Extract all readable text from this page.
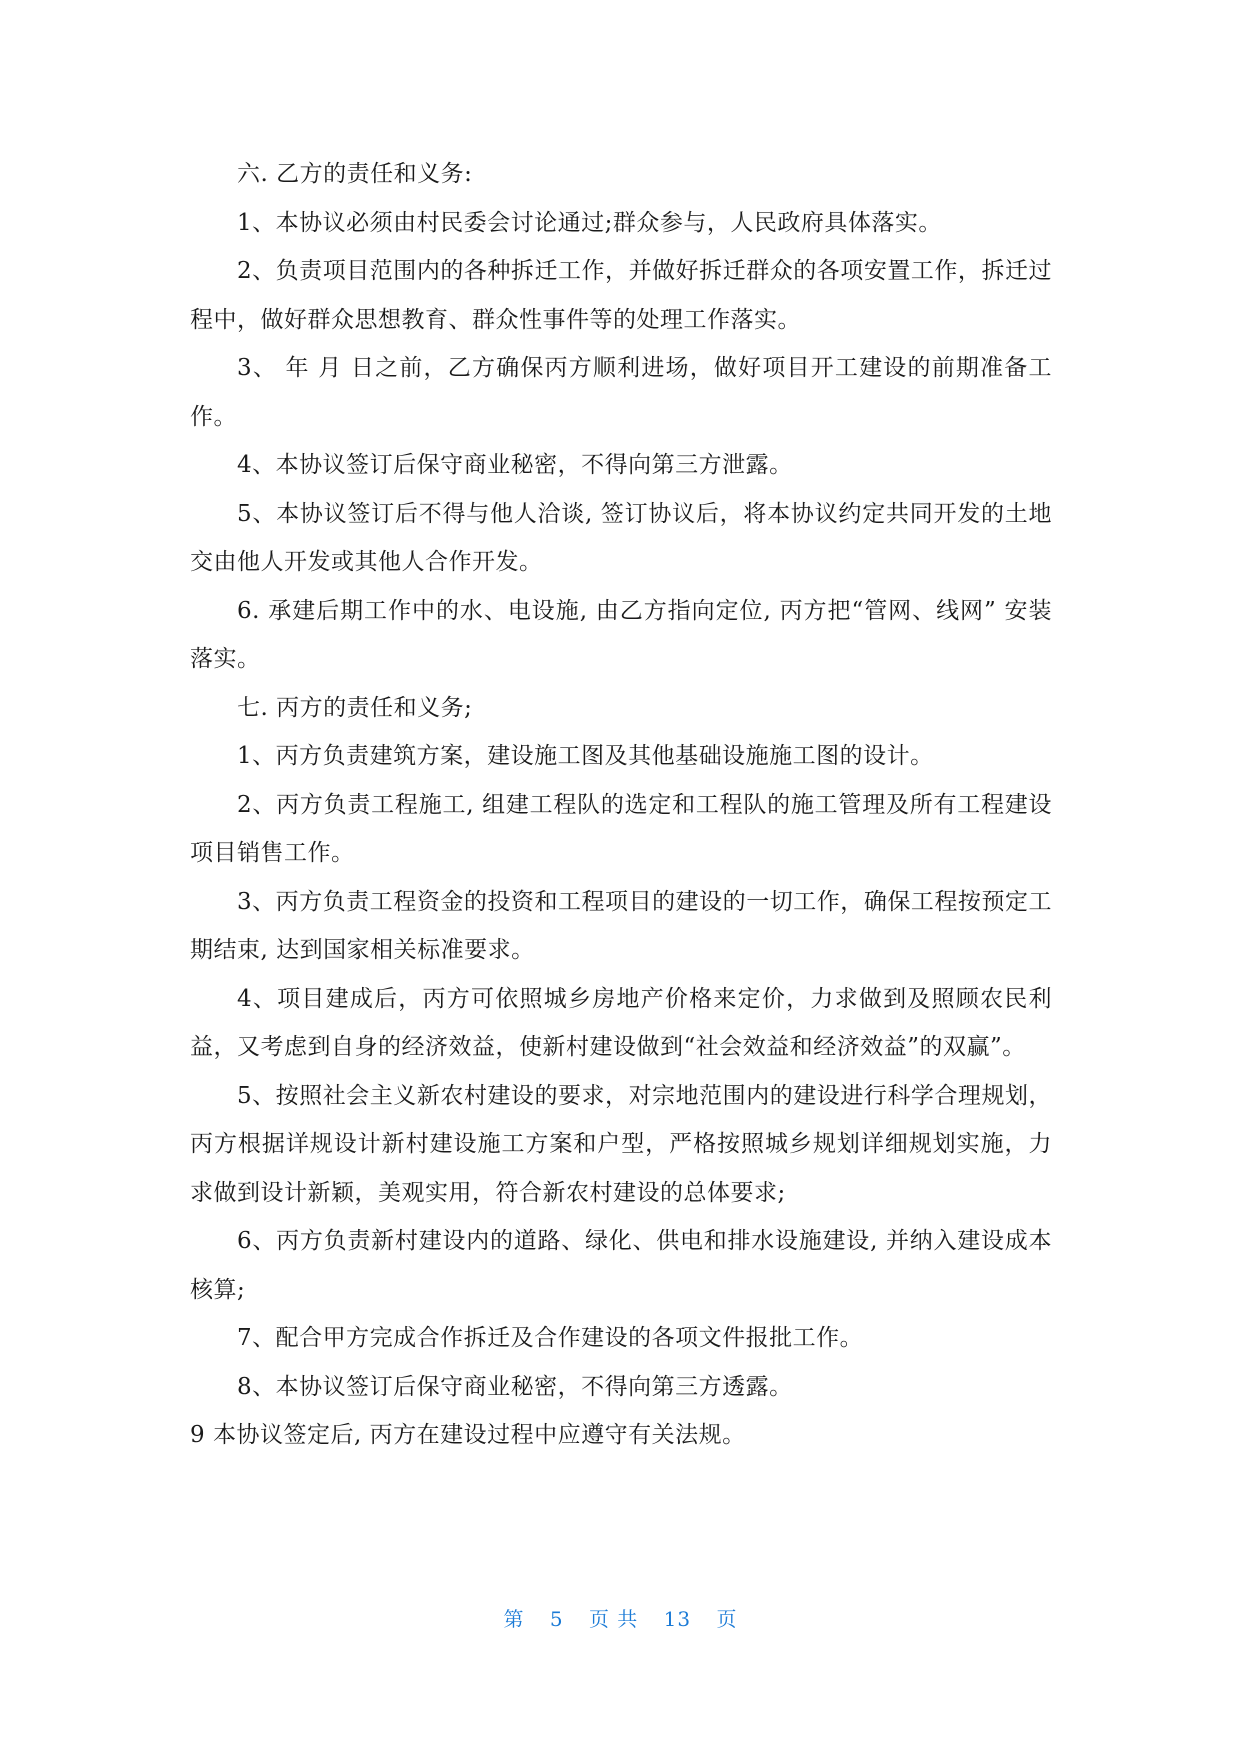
六. 乙方的责任和义务:

1、本协议必须由村民委会讨论通过;群众参与，人民政府具体落实。

2、负责项目范围内的各种拆迁工作，并做好拆迁群众的各项安置工作，拆迁过程中，做好群众思想教育、群众性事件等的处理工作落实。

3、 年 月 日之前，乙方确保丙方顺利进场，做好项目开工建设的前期准备工作。

4、本协议签订后保守商业秘密，不得向第三方泄露。

5、本协议签订后不得与他人洽谈, 签订协议后，将本协议约定共同开发的土地交由他人开发或其他人合作开发。

6. 承建后期工作中的水、电设施, 由乙方指向定位, 丙方把“管网、线网” 安装落实。

七. 丙方的责任和义务;

1、丙方负责建筑方案，建设施工图及其他基础设施施工图的设计。

2、丙方负责工程施工, 组建工程队的选定和工程队的施工管理及所有工程建设项目销售工作。

3、丙方负责工程资金的投资和工程项目的建设的一切工作，确保工程按预定工期结束, 达到国家相关标准要求。

4、项目建成后，丙方可依照城乡房地产价格来定价，力求做到及照顾农民利益，又考虑到自身的经济效益，使新村建设做到“社会效益和经济效益”的双赢”。

5、按照社会主义新农村建设的要求，对宗地范围内的建设进行科学合理规划，丙方根据详规设计新村建设施工方案和户型，严格按照城乡规划详细规划实施，力求做到设计新颖，美观实用，符合新农村建设的总体要求;

6、丙方负责新村建设内的道路、绿化、供电和排水设施建设, 并纳入建设成本核算;

7、配合甲方完成合作拆迁及合作建设的各项文件报批工作。

8、本协议签订后保守商业秘密，不得向第三方透露。

9 本协议签定后, 丙方在建设过程中应遵守有关法规。

第 5 页 共 13 页
